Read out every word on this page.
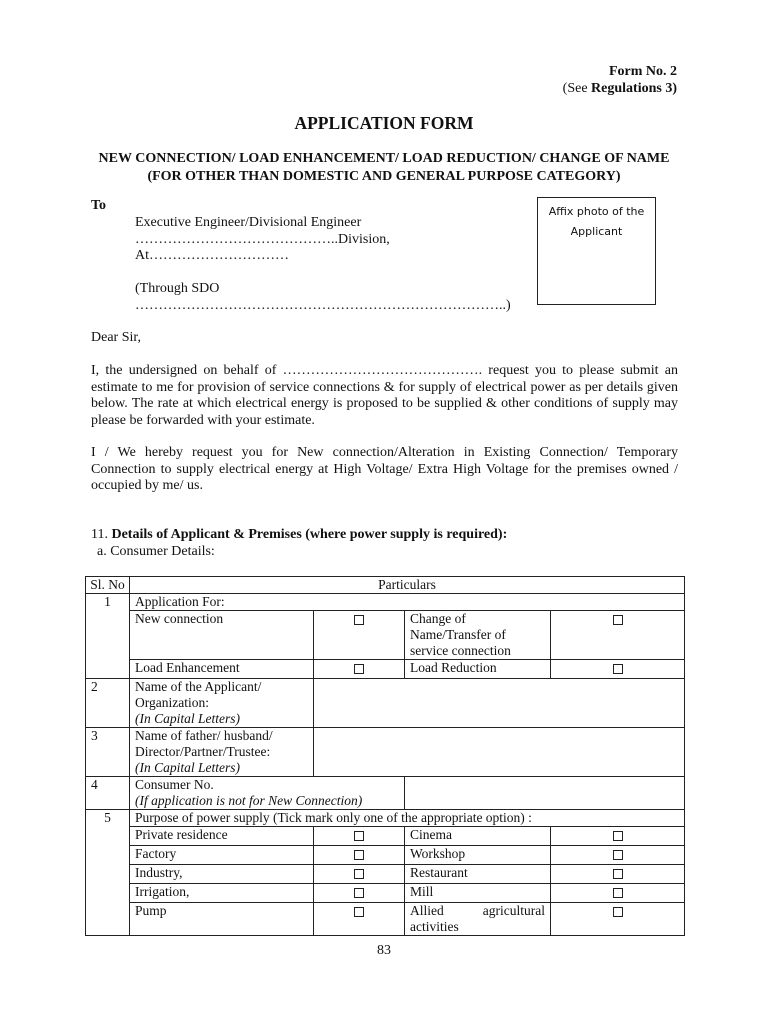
Form No. 2
(See Regulations 3)
APPLICATION FORM
NEW CONNECTION/ LOAD ENHANCEMENT/ LOAD REDUCTION/ CHANGE OF NAME
(FOR OTHER THAN DOMESTIC AND GENERAL PURPOSE CATEGORY)
To
Executive Engineer/Divisional Engineer
……………………………………..Division,
At…………………………
Affix photo of the
Applicant
(Through SDO
……………………………………………………………………..)
Dear Sir,
I, the undersigned on behalf of ……………………………………. request you to please submit an estimate to me for provision of service connections & for supply of electrical power as per details given below. The rate at which electrical energy is proposed to be supplied & other conditions of supply may please be forwarded with your estimate.
I / We hereby request you for New connection/Alteration in Existing Connection/ Temporary Connection to supply electrical energy at High Voltage/ Extra High Voltage for the premises owned / occupied by me/ us.
11. Details of Applicant & Premises (where power supply is required):
a. Consumer Details:
Sl. No	Particulars			
1	Application For:			
	New connection		Change of
Name/Transfer of
service connection	

	Load Enhancement		Load Reduction	
2	Name of the Applicant/
Organization:
(In Capital Letters)			

3	Name of father/ husband/
Director/Partner/Trustee:
(In Capital Letters)			

4	Consumer No.
(If application is not for New Connection)			

5	Purpose of power supply (Tick mark only one of the appropriate option) :			
	Private residence		Cinema	
	Factory		Workshop	
	Industry,		Restaurant	
	Irrigation,		Mill	
	Pump		Allied agricultural activities	
83
